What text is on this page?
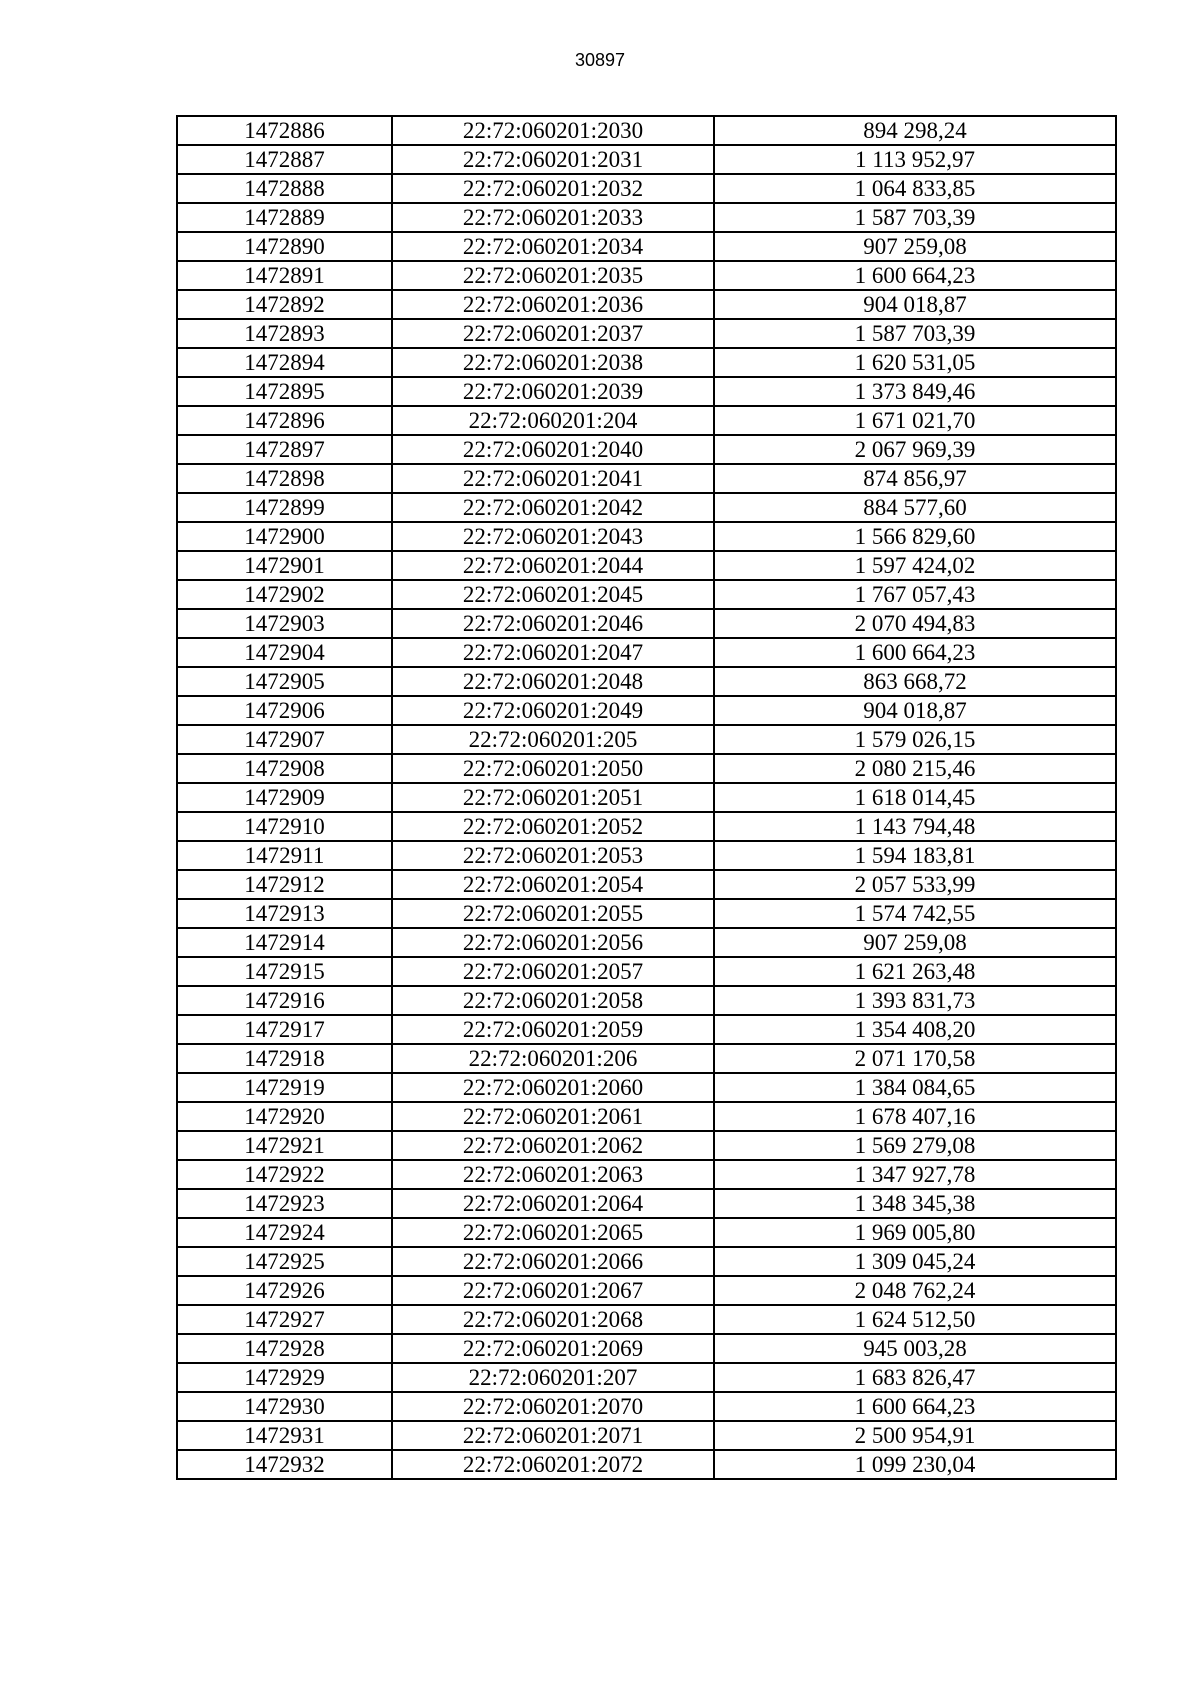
30897
1472886	22:72:060201:2030	894 298,24
1472887	22:72:060201:2031	1 113 952,97
1472888	22:72:060201:2032	1 064 833,85
1472889	22:72:060201:2033	1 587 703,39
1472890	22:72:060201:2034	907 259,08
1472891	22:72:060201:2035	1 600 664,23
1472892	22:72:060201:2036	904 018,87
1472893	22:72:060201:2037	1 587 703,39
1472894	22:72:060201:2038	1 620 531,05
1472895	22:72:060201:2039	1 373 849,46
1472896	22:72:060201:204	1 671 021,70
1472897	22:72:060201:2040	2 067 969,39
1472898	22:72:060201:2041	874 856,97
1472899	22:72:060201:2042	884 577,60
1472900	22:72:060201:2043	1 566 829,60
1472901	22:72:060201:2044	1 597 424,02
1472902	22:72:060201:2045	1 767 057,43
1472903	22:72:060201:2046	2 070 494,83
1472904	22:72:060201:2047	1 600 664,23
1472905	22:72:060201:2048	863 668,72
1472906	22:72:060201:2049	904 018,87
1472907	22:72:060201:205	1 579 026,15
1472908	22:72:060201:2050	2 080 215,46
1472909	22:72:060201:2051	1 618 014,45
1472910	22:72:060201:2052	1 143 794,48
1472911	22:72:060201:2053	1 594 183,81
1472912	22:72:060201:2054	2 057 533,99
1472913	22:72:060201:2055	1 574 742,55
1472914	22:72:060201:2056	907 259,08
1472915	22:72:060201:2057	1 621 263,48
1472916	22:72:060201:2058	1 393 831,73
1472917	22:72:060201:2059	1 354 408,20
1472918	22:72:060201:206	2 071 170,58
1472919	22:72:060201:2060	1 384 084,65
1472920	22:72:060201:2061	1 678 407,16
1472921	22:72:060201:2062	1 569 279,08
1472922	22:72:060201:2063	1 347 927,78
1472923	22:72:060201:2064	1 348 345,38
1472924	22:72:060201:2065	1 969 005,80
1472925	22:72:060201:2066	1 309 045,24
1472926	22:72:060201:2067	2 048 762,24
1472927	22:72:060201:2068	1 624 512,50
1472928	22:72:060201:2069	945 003,28
1472929	22:72:060201:207	1 683 826,47
1472930	22:72:060201:2070	1 600 664,23
1472931	22:72:060201:2071	2 500 954,91
1472932	22:72:060201:2072	1 099 230,04
